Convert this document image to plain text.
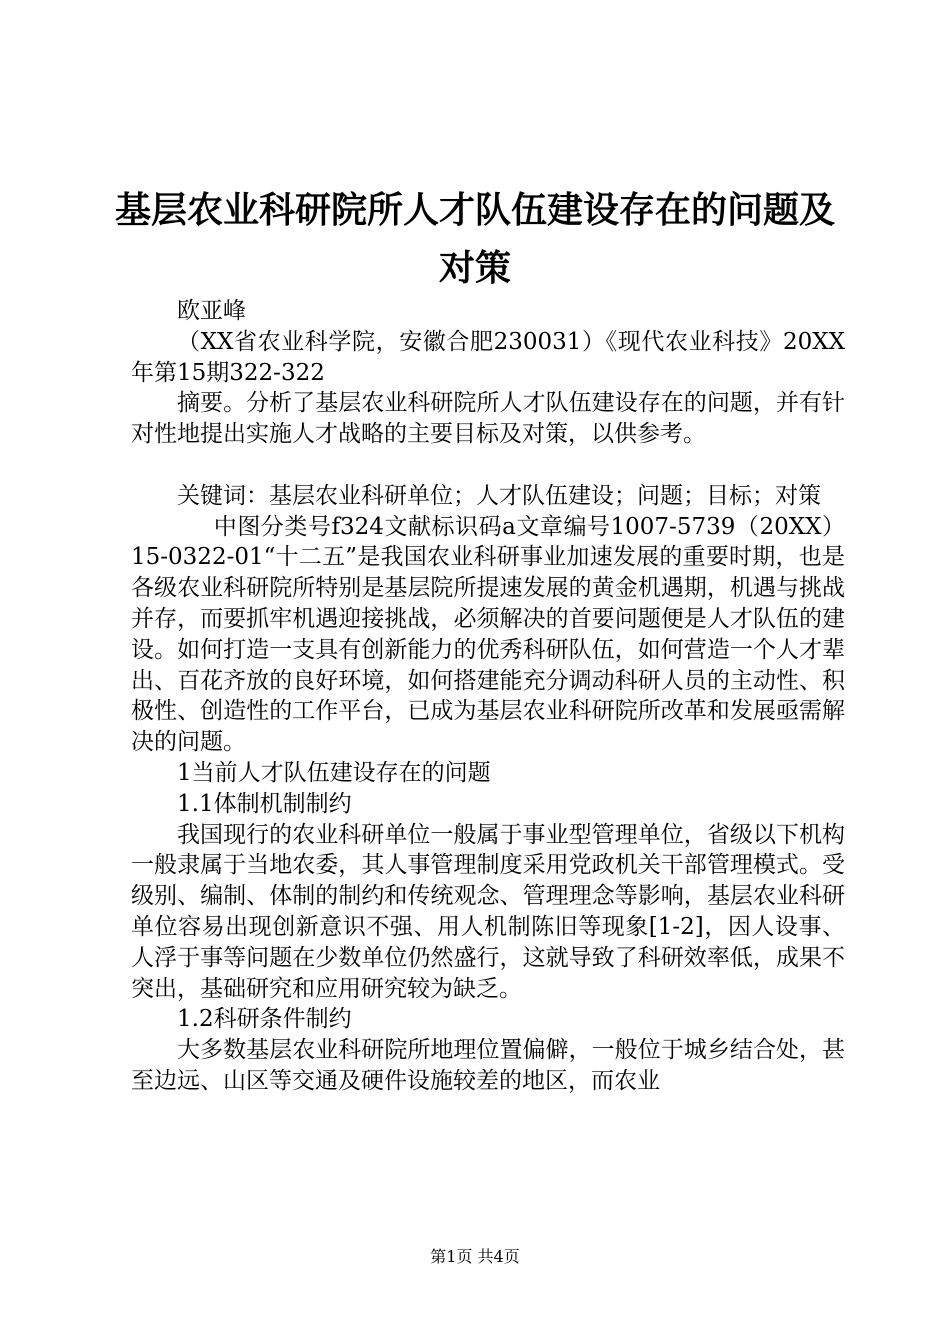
基层农业科研院所人才队伍建设存在的问题及对策

欧亚峰

（XX省农业科学院，安徽合肥230031）《现代农业科技》20XX年第15期322-322

摘要。分析了基层农业科研院所人才队伍建设存在的问题，并有针对性地提出实施人才战略的主要目标及对策，以供参考。

关键词：基层农业科研单位；人才队伍建设；问题；目标；对策

中图分类号f324文献标识码a文章编号1007-5739（20XX）15-0322-01“十二五”是我国农业科研事业加速发展的重要时期，也是各级农业科研院所特别是基层院所提速发展的黄金机遇期，机遇与挑战并存，而要抓牢机遇迎接挑战，必须解决的首要问题便是人才队伍的建设。如何打造一支具有创新能力的优秀科研队伍，如何营造一个人才辈出、百花齐放的良好环境，如何搭建能充分调动科研人员的主动性、积极性、创造性的工作平台，已成为基层农业科研院所改革和发展亟需解决的问题。

1当前人才队伍建设存在的问题

1.1体制机制制约

我国现行的农业科研单位一般属于事业型管理单位，省级以下机构一般隶属于当地农委，其人事管理制度采用党政机关干部管理模式。受级别、编制、体制的制约和传统观念、管理理念等影响，基层农业科研单位容易出现创新意识不强、用人机制陈旧等现象[1-2]，因人设事、人浮于事等问题在少数单位仍然盛行，这就导致了科研效率低，成果不突出，基础研究和应用研究较为缺乏。

1.2科研条件制约

大多数基层农业科研院所地理位置偏僻，一般位于城乡结合处，甚至边远、山区等交通及硬件设施较差的地区，而农业

第1页 共4页
